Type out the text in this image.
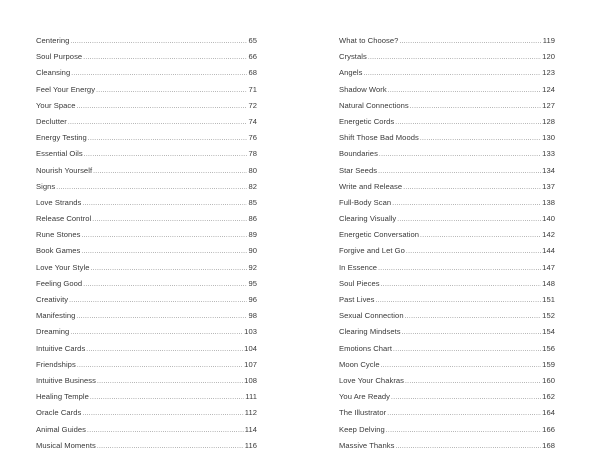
Centering .....	65
Soul Purpose .....	66
Cleansing .....	68
Feel Your Energy .....	71
Your Space .....	72
Declutter .....	74
Energy Testing .....	76
Essential Oils .....	78
Nourish Yourself .....	80
Signs .....	82
Love Strands .....	85
Release Control .....	86
Rune Stones .....	89
Book Games .....	90
Love Your Style .....	92
Feeling Good .....	95
Creativity .....	96
Manifesting .....	98
Dreaming .....	103
Intuitive Cards .....	104
Friendships .....	107
Intuitive Business .....	108
Healing Temple .....	111
Oracle Cards .....	112
Animal Guides .....	114
Musical Moments .....	116
What to Choose? .....	119
Crystals .....	120
Angels .....	123
Shadow Work .....	124
Natural Connections .....	127
Energetic Cords .....	128
Shift Those Bad Moods .....	130
Boundaries .....	133
Star Seeds .....	134
Write and Release .....	137
Full-Body Scan .....	138
Clearing Visually .....	140
Energetic Conversation .....	142
Forgive and Let Go .....	144
In Essence .....	147
Soul Pieces .....	148
Past Lives .....	151
Sexual Connection .....	152
Clearing Mindsets .....	154
Emotions Chart .....	156
Moon Cycle .....	159
Love Your Chakras .....	160
You Are Ready .....	162
The Illustrator .....	164
Keep Delving .....	166
Massive Thanks .....	168
